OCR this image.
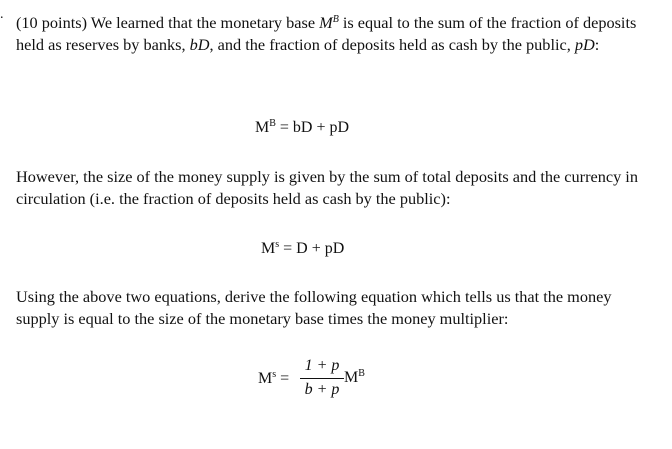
. (10 points) We learned that the monetary base $M^B$ is equal to the sum of the fraction of deposits held as reserves by banks, bD, and the fraction of deposits held as cash by the public, pD:

$M^B$ = bD + pD

However, the size of the money supply is given by the sum of total deposits and the currency in circulation (i.e. the fraction of deposits held as cash by the public):

$M^s = D$ + pD

Using the above two equations, derive the following equation which tells us that the money supply is equal to the size of the monetary base times the money multiplier:

$M^s$ =
1 + p
b + p
$M^B$
